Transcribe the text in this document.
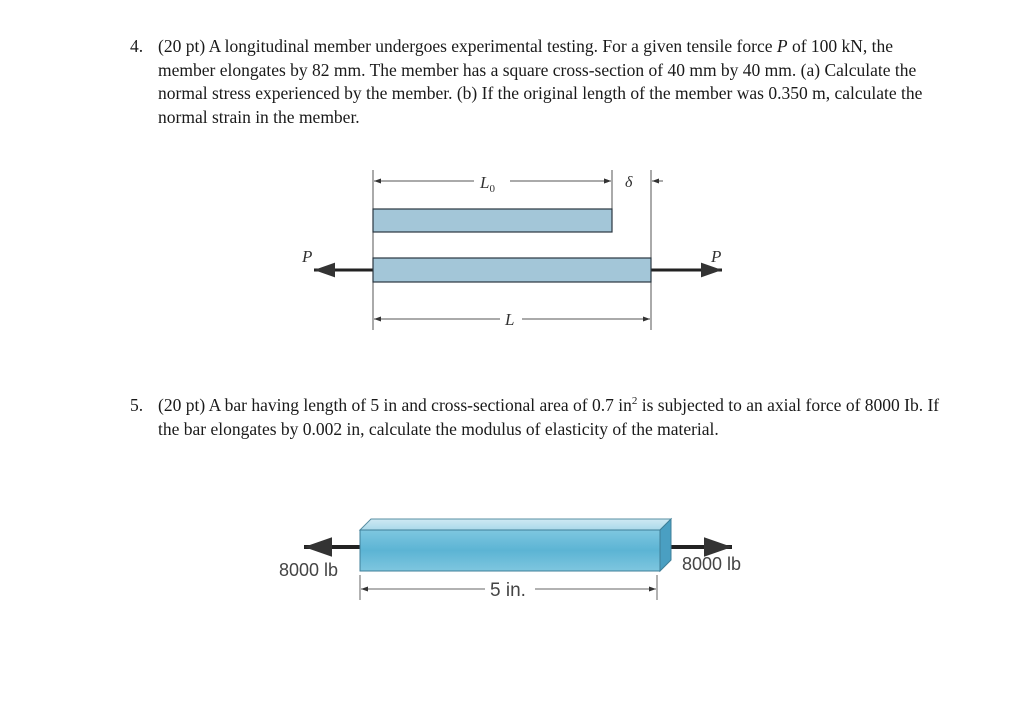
4. (20 pt) A longitudinal member undergoes experimental testing. For a given tensile force P of 100 kN, the member elongates by 82 mm. The member has a square cross-section of 40 mm by 40 mm. (a) Calculate the normal stress experienced by the member. (b) If the original length of the member was 0.350 m, calculate the normal strain in the member.
$L_0$	δ
P	P
L
5. (20 pt) A bar having length of 5 in and cross-sectional area of 0.7 $in^2$ is subjected to an axial force of 8000 Ib. If the bar elongates by 0.002 in, calculate the modulus of elasticity of the material.
8000 lb	8000 lb
5 in.
